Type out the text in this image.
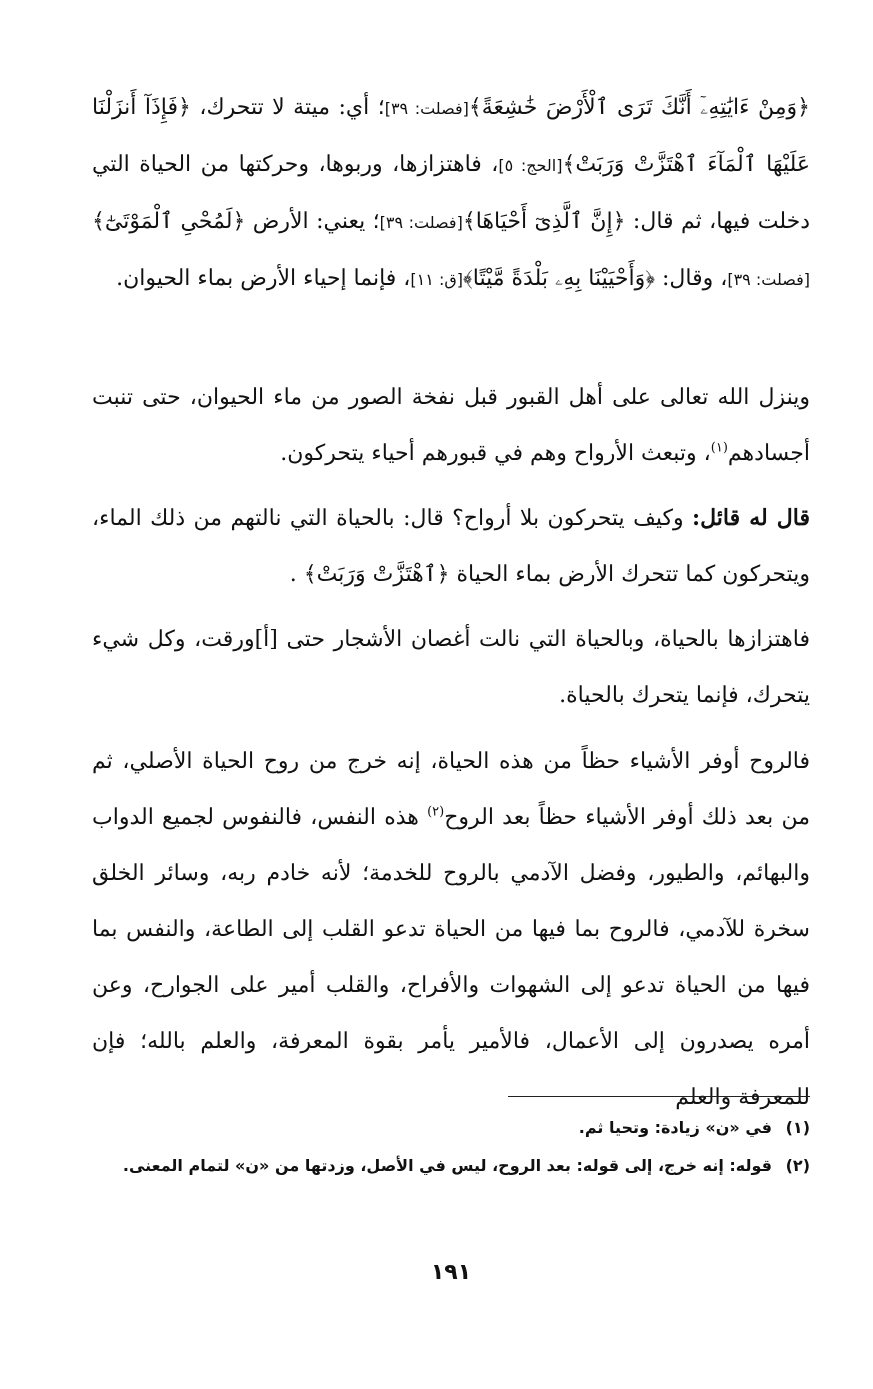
﴿وَمِنْ ءَايَٰتِهِۦٓ أَنَّكَ تَرَى ٱلْأَرْضَ خَٰشِعَةً﴾[فصلت: ٣٩]؛ أي: ميتة لا تتحرك، ﴿فَإِذَآ أَنزَلْنَا عَلَيْهَا ٱلْمَآءَ ٱهْتَزَّتْ وَرَبَتْ﴾[الحج: ٥]، فاهتزازها، وربوها، وحركتها من الحياة التي دخلت فيها، ثم قال: ﴿إِنَّ ٱلَّذِىٓ أَحْيَاهَا﴾[فصلت: ٣٩]؛ يعني: الأرض ﴿لَمُحْىِ ٱلْمَوْتَىٰٓ﴾[فصلت: ٣٩]، وقال: ﴿وَأَحْيَيْنَا بِهِۦ بَلْدَةً مَّيْتًا﴾[ق: ١١]، فإنما إحياء الأرض بماء الحيوان.

وينزل الله تعالى على أهل القبور قبل نفخة الصور من ماء الحيوان، حتى تنبت أجسادهم$^{(١)}$، وتبعث الأرواح وهم في قبورهم أحياء يتحركون.

قال له قائل: وكيف يتحركون بلا أرواح؟ قال: بالحياة التي نالتهم من ذلك الماء، ويتحركون كما تتحرك الأرض بماء الحياة ﴿ٱهْتَزَّتْ وَرَبَتْ﴾ .

فاهتزازها بالحياة، وبالحياة التي نالت أغصان الأشجار حتى [أ]ورقت، وكل شيء يتحرك، فإنما يتحرك بالحياة.

فالروح أوفر الأشياء حظاً من هذه الحياة، إنه خرج من روح الحياة الأصلي، ثم من بعد ذلك أوفر الأشياء حظاً بعد الروح$^{(٢)}$ هذه النفس، فالنفوس لجميع الدواب والبهائم، والطيور، وفضل الآدمي بالروح للخدمة؛ لأنه خادم ربه، وسائر الخلق سخرة للآدمي، فالروح بما فيها من الحياة تدعو القلب إلى الطاعة، والنفس بما فيها من الحياة تدعو إلى الشهوات والأفراح، والقلب أمير على الجوارح، وعن أمره يصدرون إلى الأعمال، فالأمير يأمر بقوة المعرفة، والعلم بالله؛ فإن للمعرفة والعلم

(١)
في «ن» زيادة: وتحيا ثم.
(٢)
قوله: إنه خرج، إلى قوله: بعد الروح، ليس في الأصل، وزدتها من «ن» لتمام المعنى.
١٩١
